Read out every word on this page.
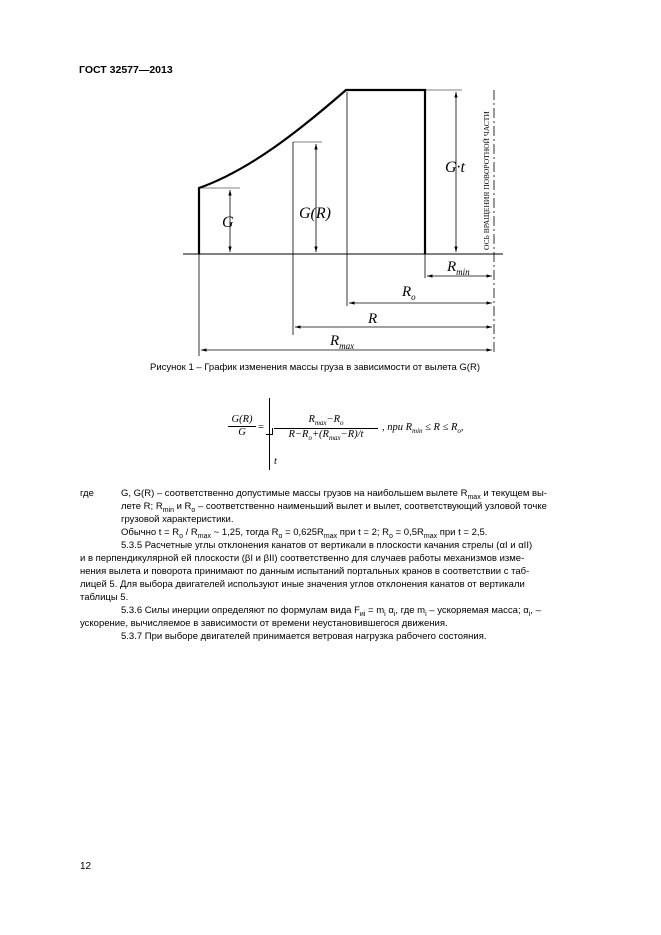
ГОСТ 32577—2013
G
G(R)
G·t
$R_{min}$
$R_o$
R
$R_{max}$
ОСЬ ВРАЩЕНИЯ ПОВОРОТНОЙ ЧАСТИ
Рисунок 1 – График изменения массы груза в зависимости от вылета G(R)
$\frac{G(R)}{G}$ =
$R_{max}-R_o$
$R-R_o+(R_{max}-R)/t$
, при $R_{min} \le R \le R_o$,
t
где	G, G(R) – соответственно допустимые массы грузов на наибольшем вылете $R_{max}$ и текущем вы-
лете R; $R_{min}$ и $R_o$ – соответственно наименьший вылет и вылет, соответствующий узловой точке
грузовой характеристики.
Обычно $t = R_o / R_{max}$ ~ 1,25, тогда $R_o = 0,625R_{max}$ при t = 2; $R_o = 0,5R_{max}$ при t = 2,5.
5.3.5 Расчетные углы отклонения канатов от вертикали в плоскости качания стрелы (αI и αII)
и в перпендикулярной ей плоскости (βI и βII) соответственно для случаев работы механизмов изме-
нения вылета и поворота принимают по данным испытаний портальных кранов в соответствии с таб-
лицей 5. Для выбора двигателей используют иные значения углов отклонения канатов от вертикали
таблицы 5.
5.3.6 Силы инерции определяют по формулам вида $F_{иi} = m_i$ $\alpha_i$, где $m_i$ – ускоряемая масса; $\alpha_i$, –
ускорение, вычисляемое в зависимости от времени неустановившегося движения.
5.3.7 При выборе двигателей принимается ветровая нагрузка рабочего состояния.
12
